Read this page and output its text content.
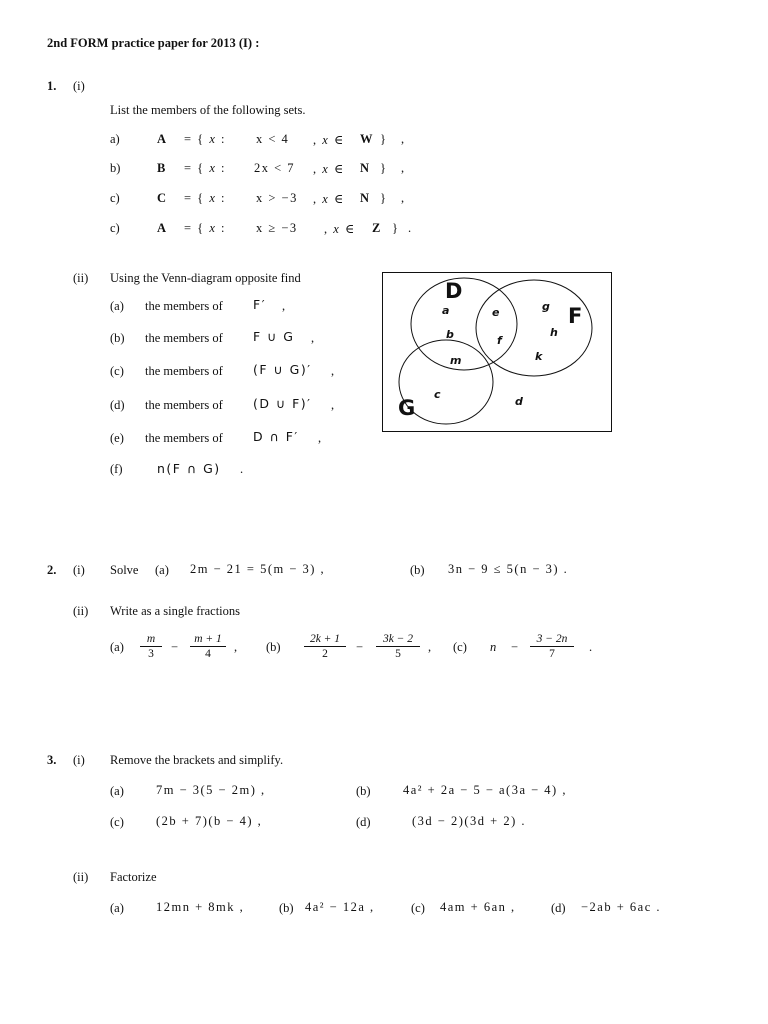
2nd FORM practice paper for 2013 (I) :
1. (i)
List the members of the following sets.
a)	A = { x : x < 4 , x ∈ W } ,
b)	B = { x : 2x < 7 , x ∈ N } ,
c)	C = { x : x > −3 , x ∈ N } ,
c)	A = { x : x ≥ −3 , x ∈ Z } .
(ii) Using the Venn-diagram opposite find
(a) the members of F′ ,
(b) the members of F ∪ G ,
(c) the members of (F ∪ G)′ ,
(d) the members of (D ∪ F)′ ,
(e) the members of D ∩ F′ ,
(f)	n(F ∩ G) .
D
F
G
a	e	g
b	f
h
m	k
c
d
2. (i) Solve (a) 2m − 21 = 5(m − 3) ,	(b) 3n − 9 ≤ 5(n − 3) .
(ii) Write as a single fractions
$(a) \frac{m}{3} - \frac{m + 1}{4}$ , $(b) \frac{2k + 1}{2} - \frac{3k - 2}{5}$ , (c) $n - \frac{3 - 2n}{7}$ .
3. (i) Remove the brackets and simplify.
(a)	7m − 3(5 − 2m) ,	(b)	4a² + 2a − 5 − a(3a − 4) ,
(c)	(2b + 7)(b − 4) ,	(d)	(3d − 2)(3d + 2) .
(ii) Factorize
(a)	12mn + 8mk ,	(b) 4a² − 12a ,	(c) 4am + 6an ,	(d) −2ab + 6ac .
